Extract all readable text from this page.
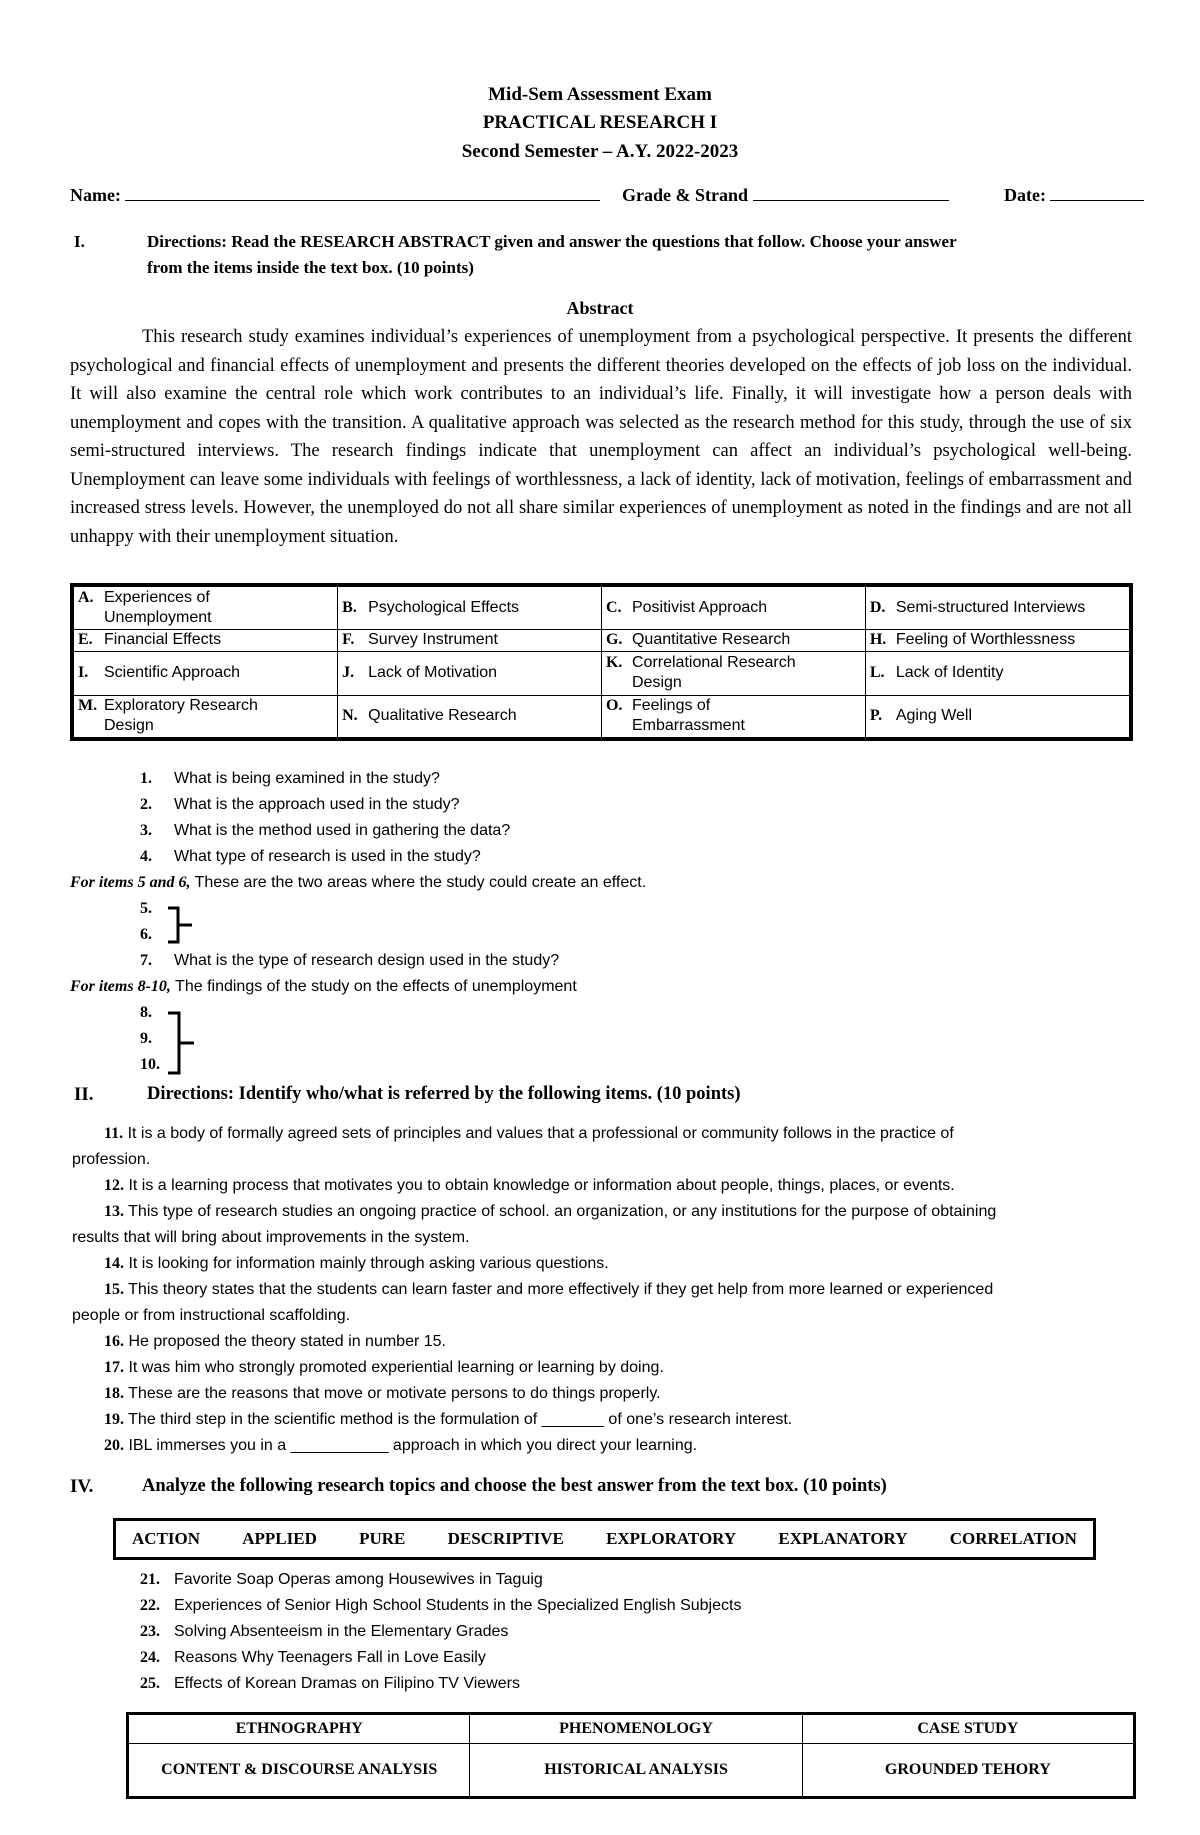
Mid-Sem Assessment Exam
PRACTICAL RESEARCH I
Second Semester – A.Y. 2022-2023
Name:	Grade & Strand	Date:
I.	Directions: Read the RESEARCH ABSTRACT given and answer the questions that follow. Choose your answer
from the items inside the text box. (10 points)
Abstract
This research study examines individual’s experiences of unemployment from a psychological perspective. It presents the different psychological and financial effects of unemployment and presents the different theories developed on the effects of job loss on the individual. It will also examine the central role which work contributes to an individual’s life. Finally, it will investigate how a person deals with unemployment and copes with the transition. A qualitative approach was selected as the research method for this study, through the use of six semi-structured interviews. The research findings indicate that unemployment can affect an individual’s psychological well-being. Unemployment can leave some individuals with feelings of worthlessness, a lack of identity, lack of motivation, feelings of embarrassment and increased stress levels. However, the unemployed do not all share similar experiences of unemployment as noted in the findings and are not all unhappy with their unemployment situation.
A. Experiences of Unemployment	B. Psychological Effects	C. Positivist Approach	D. Semi-structured Interviews
E. Financial Effects	F. Survey Instrument	G. Quantitative Research	H. Feeling of Worthlessness
I. Scientific Approach	J. Lack of Motivation	K. Correlational Research Design	L. Lack of Identity
M. Exploratory Research Design	N. Qualitative Research	O. Feelings of Embarrassment	P. Aging Well
1. What is being examined in the study?
2. What is the approach used in the study?
3. What is the method used in gathering the data?
4. What type of research is used in the study?
For items 5 and 6, These are the two areas where the study could create an effect.
5.
6.
7. What is the type of research design used in the study?
For items 8-10, The findings of the study on the effects of unemployment
8.
9.
10.
II.	Directions: Identify who/what is referred by the following items. (10 points)
11. It is a body of formally agreed sets of principles and values that a professional or community follows in the practice of
profession.
12. It is a learning process that motivates you to obtain knowledge or information about people, things, places, or events.
13. This type of research studies an ongoing practice of school. an organization, or any institutions for the purpose of obtaining
results that will bring about improvements in the system.
14. It is looking for information mainly through asking various questions.
15. This theory states that the students can learn faster and more effectively if they get help from more learned or experienced
people or from instructional scaffolding.
16. He proposed the theory stated in number 15.
17. It was him who strongly promoted experiential learning or learning by doing.
18. These are the reasons that move or motivate persons to do things properly.
19. The third step in the scientific method is the formulation of _______ of one’s research interest.
20. IBL immerses you in a ___________ approach in which you direct your learning.
IV.	Analyze the following research topics and choose the best answer from the text box. (10 points)
ACTION APPLIED PURE DESCRIPTIVE EXPLORATORY EXPLANATORY CORRELATION
21. Favorite Soap Operas among Housewives in Taguig
22. Experiences of Senior High School Students in the Specialized English Subjects
23. Solving Absenteeism in the Elementary Grades
24. Reasons Why Teenagers Fall in Love Easily
25. Effects of Korean Dramas on Filipino TV Viewers
ETHNOGRAPHY	PHENOMENOLOGY	CASE STUDY
CONTENT & DISCOURSE ANALYSIS	HISTORICAL ANALYSIS	GROUNDED TEHORY
